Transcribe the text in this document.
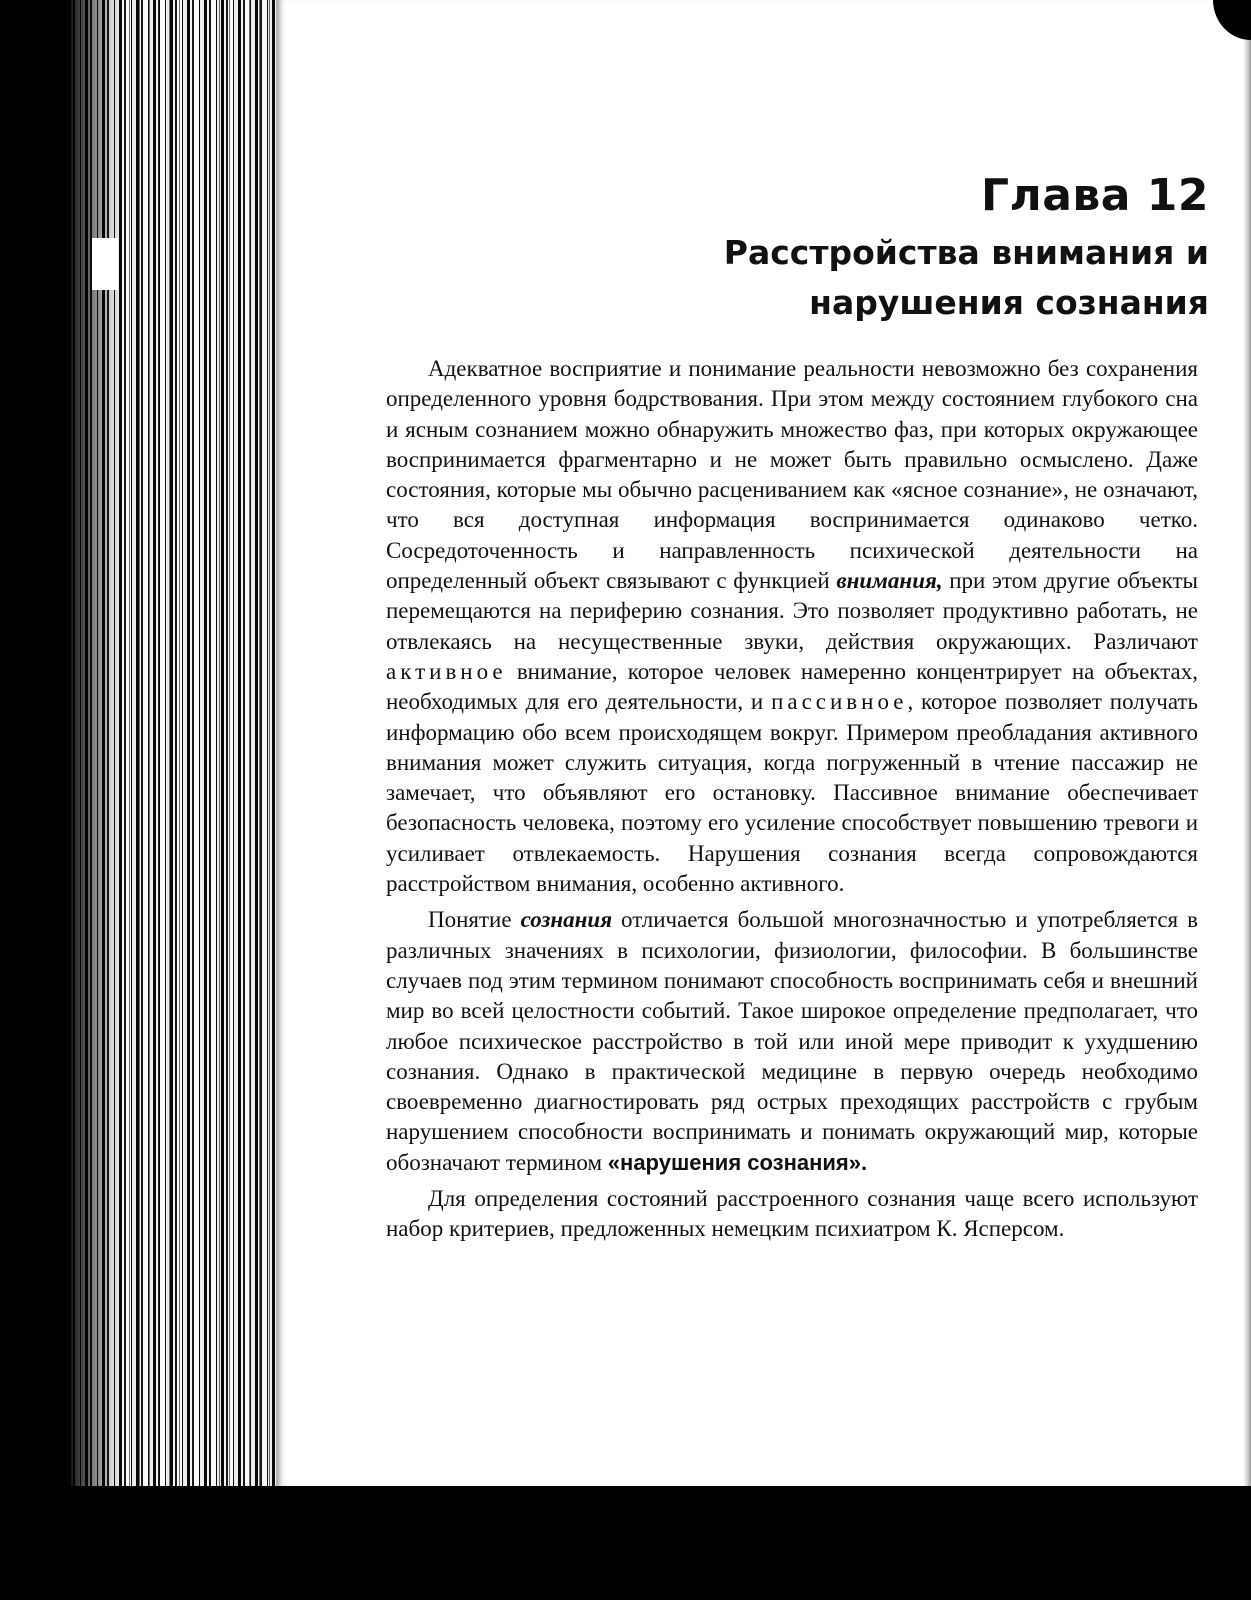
Глава 12
Расстройства внимания и нарушения сознания

Адекватное восприятие и понимание реальности невозможно без сохранения определенного уровня бодрствования. При этом между состоянием глубокого сна и ясным сознанием можно обнаружить множество фаз, при которых окружающее воспринимается фрагментарно и не может быть правильно осмыслено. Даже состояния, которые мы обычно расцениванием как «ясное сознание», не означают, что вся доступная информация воспринимается одинаково четко. Сосредоточенность и направленность психической деятельности на определенный объект связывают с функцией внимания, при этом другие объекты перемещаются на периферию сознания. Это позволяет продуктивно работать, не отвлекаясь на несущественные звуки, действия окружающих. Различают активное внимание, которое человек намеренно концентрирует на объектах, необходимых для его деятельности, и пассивное, которое позволяет получать информацию обо всем происходящем вокруг. Примером преобладания активного внимания может служить ситуация, когда погруженный в чтение пассажир не замечает, что объявляют его остановку. Пассивное внимание обеспечивает безопасность человека, поэтому его усиление способствует повышению тревоги и усиливает отвлекаемость. Нарушения сознания всегда сопровождаются расстройством внимания, особенно активного.

Понятие сознания отличается большой многозначностью и употребляется в различных значениях в психологии, физиологии, философии. В большинстве случаев под этим термином понимают способность воспринимать себя и внешний мир во всей целостности событий. Такое широкое определение предполагает, что любое психическое расстройство в той или иной мере приводит к ухудшению сознания. Однако в практической медицине в первую очередь необходимо своевременно диагностировать ряд острых преходящих расстройств с грубым нарушением способности воспринимать и понимать окружающий мир, которые обозначают термином «нарушения сознания».

Для определения состояний расстроенного сознания чаще всего используют набор критериев, предложенных немецким психиатром К. Ясперсом.
